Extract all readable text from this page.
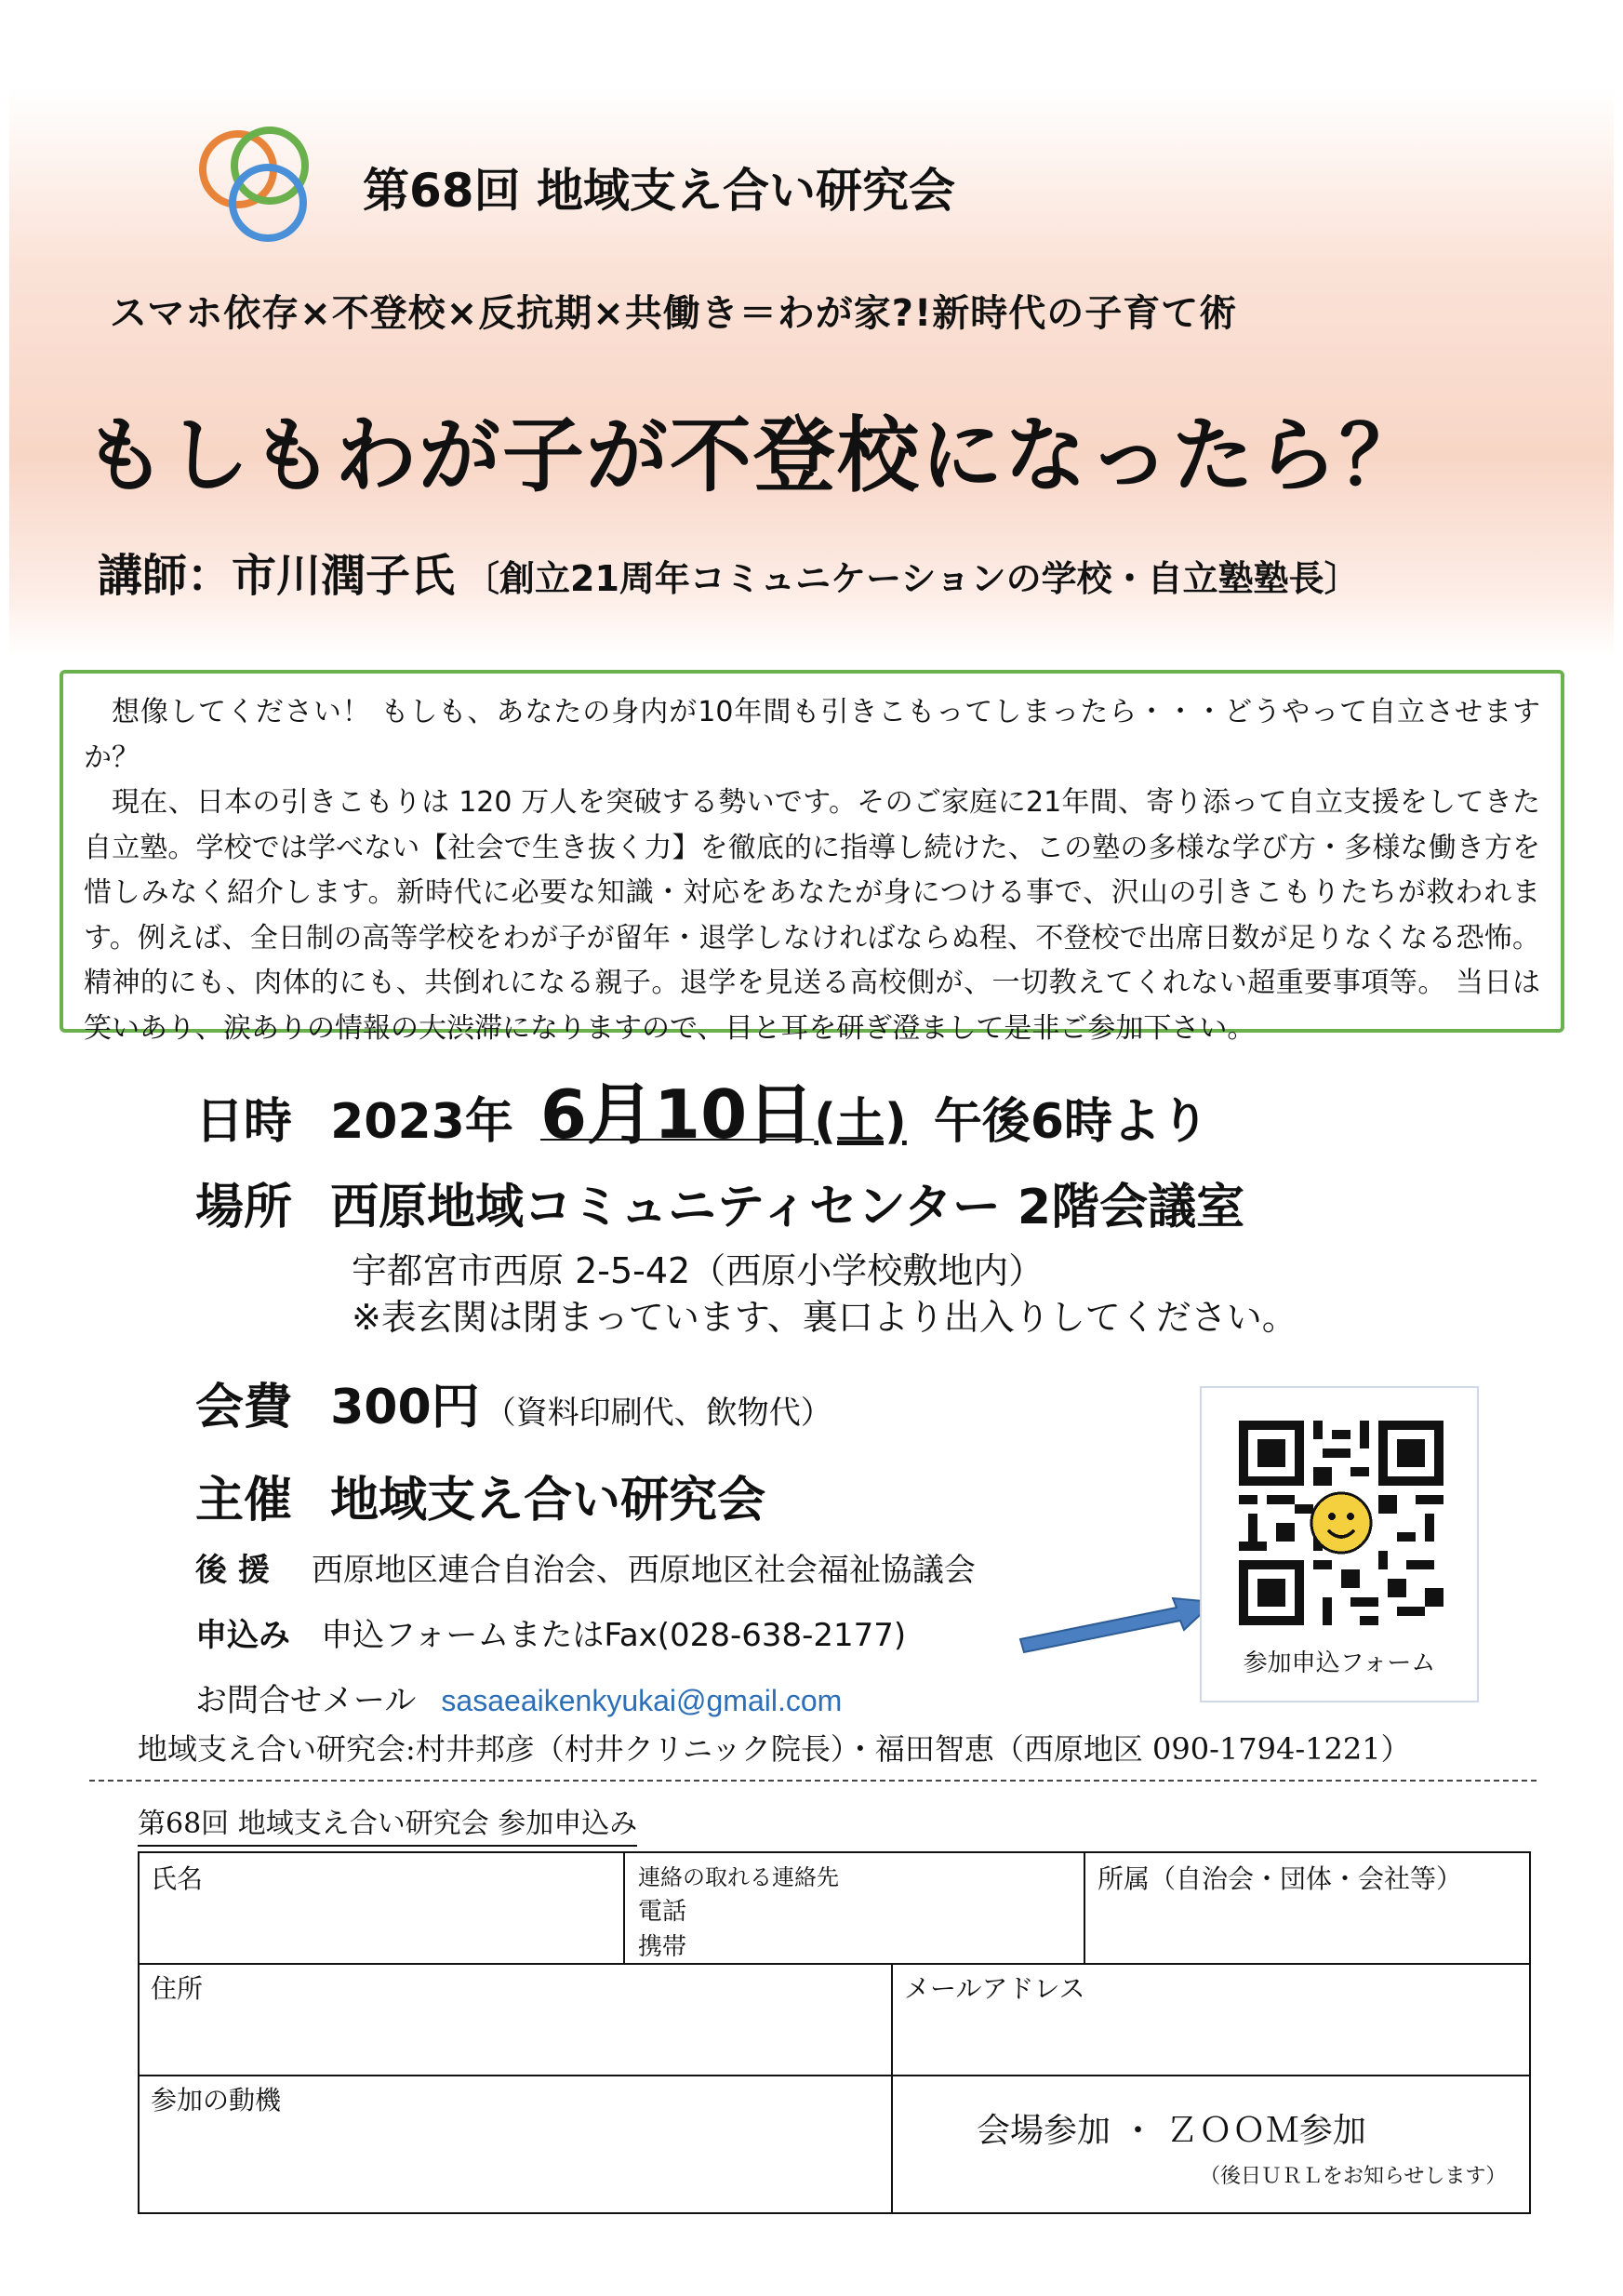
第68回 地域支え合い研究会
スマホ依存×不登校×反抗期×共働き＝わが家?!新時代の子育て術
もしもわが子が不登校になったら？
講師：市川潤子氏 〔創立21周年コミュニケーションの学校・自立塾塾長〕

想像してください！ もしも、あなたの身内が10年間も引きこもってしまったら・・・どうやって自立させますか？

現在、日本の引きこもりは 120 万人を突破する勢いです。そのご家庭に21年間、寄り添って自立支援をしてきた自立塾。学校では学べない【社会で生き抜く力】を徹底的に指導し続けた、この塾の多様な学び方・多様な働き方を惜しみなく紹介します。新時代に必要な知識・対応をあなたが身につける事で、沢山の引きこもりたちが救われます。例えば、全日制の高等学校をわが子が留年・退学しなければならぬ程、不登校で出席日数が足りなくなる恐怖。精神的にも、肉体的にも、共倒れになる親子。退学を見送る高校側が、一切教えてくれない超重要事項等。 当日は笑いあり、涙ありの情報の大渋滞になりますので、目と耳を研ぎ澄まして是非ご参加下さい。

日時 2023年 6月10日(土) 午後6時より
場所 西原地域コミュニティセンター 2階会議室
宇都宮市西原 2-5-42（西原小学校敷地内）
※表玄関は閉まっています、裏口より出入りしてください。
会費 300円 （資料印刷代、飲物代）
主催 地域支え合い研究会
後 援 西原地区連合自治会、西原地区社会福祉協議会
申込み 申込フォームまたはFax(028-638-2177)
お問合せメール sasaeaikenkyukai@gmail.com
参加申込フォーム
地域支え合い研究会:村井邦彦（村井クリニック院長）・福田智恵（西原地区 090-1794-1221）
第68回 地域支え合い研究会 参加申込み
氏名	連絡の取れる連絡先
電話
携帯
所属（自治会・団体・会社等）
住所	メールアドレス
参加の動機
会場参加 ・ ＺＯＯＭ参加
（後日ＵＲＬをお知らせします）
